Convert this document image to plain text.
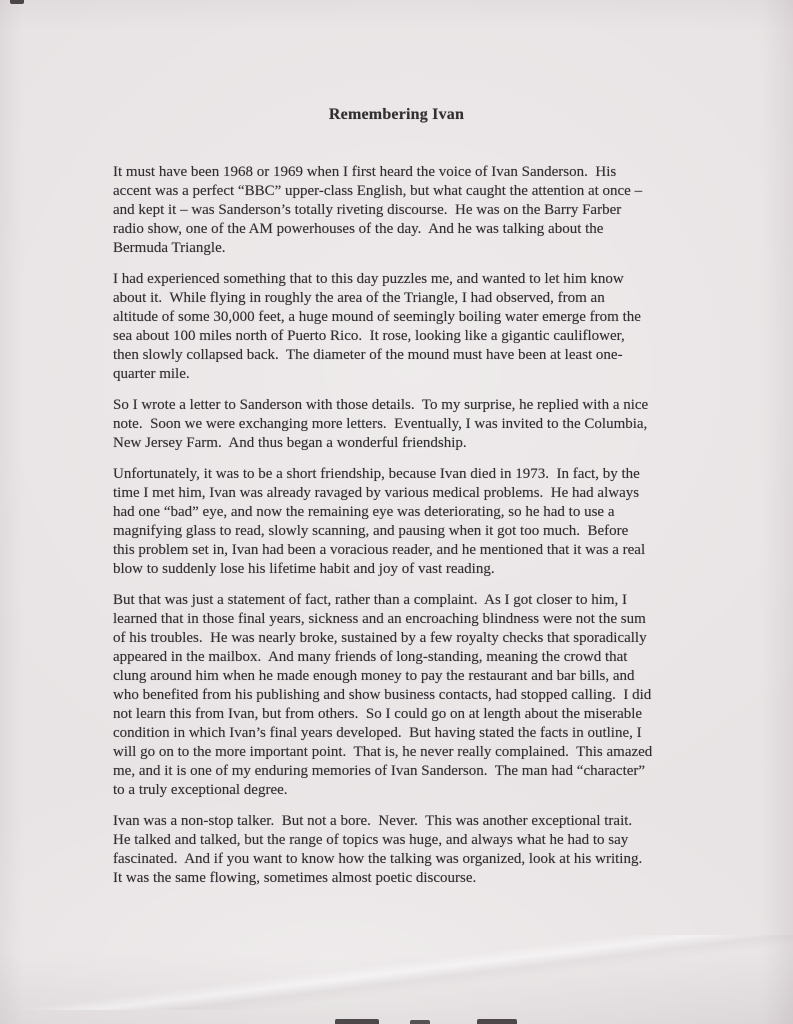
Remembering Ivan
It must have been 1968 or 1969 when I first heard the voice of Ivan Sanderson.  His
accent was a perfect “BBC” upper-class English, but what caught the attention at once –
and kept it – was Sanderson’s totally riveting discourse.  He was on the Barry Farber
radio show, one of the AM powerhouses of the day.  And he was talking about the
Bermuda Triangle.
I had experienced something that to this day puzzles me, and wanted to let him know
about it.  While flying in roughly the area of the Triangle, I had observed, from an
altitude of some 30,000 feet, a huge mound of seemingly boiling water emerge from the
sea about 100 miles north of Puerto Rico.  It rose, looking like a gigantic cauliflower,
then slowly collapsed back.  The diameter of the mound must have been at least one-
quarter mile.
So I wrote a letter to Sanderson with those details.  To my surprise, he replied with a nice
note.  Soon we were exchanging more letters.  Eventually, I was invited to the Columbia,
New Jersey Farm.  And thus began a wonderful friendship.
Unfortunately, it was to be a short friendship, because Ivan died in 1973.  In fact, by the
time I met him, Ivan was already ravaged by various medical problems.  He had always
had one “bad” eye, and now the remaining eye was deteriorating, so he had to use a
magnifying glass to read, slowly scanning, and pausing when it got too much.  Before
this problem set in, Ivan had been a voracious reader, and he mentioned that it was a real
blow to suddenly lose his lifetime habit and joy of vast reading.
But that was just a statement of fact, rather than a complaint.  As I got closer to him, I
learned that in those final years, sickness and an encroaching blindness were not the sum
of his troubles.  He was nearly broke, sustained by a few royalty checks that sporadically
appeared in the mailbox.  And many friends of long-standing, meaning the crowd that
clung around him when he made enough money to pay the restaurant and bar bills, and
who benefited from his publishing and show business contacts, had stopped calling.  I did
not learn this from Ivan, but from others.  So I could go on at length about the miserable
condition in which Ivan’s final years developed.  But having stated the facts in outline, I
will go on to the more important point.  That is, he never really complained.  This amazed
me, and it is one of my enduring memories of Ivan Sanderson.  The man had “character”
to a truly exceptional degree.
Ivan was a non-stop talker.  But not a bore.  Never.  This was another exceptional trait.
He talked and talked, but the range of topics was huge, and always what he had to say
fascinated.  And if you want to know how the talking was organized, look at his writing.
It was the same flowing, sometimes almost poetic discourse.
